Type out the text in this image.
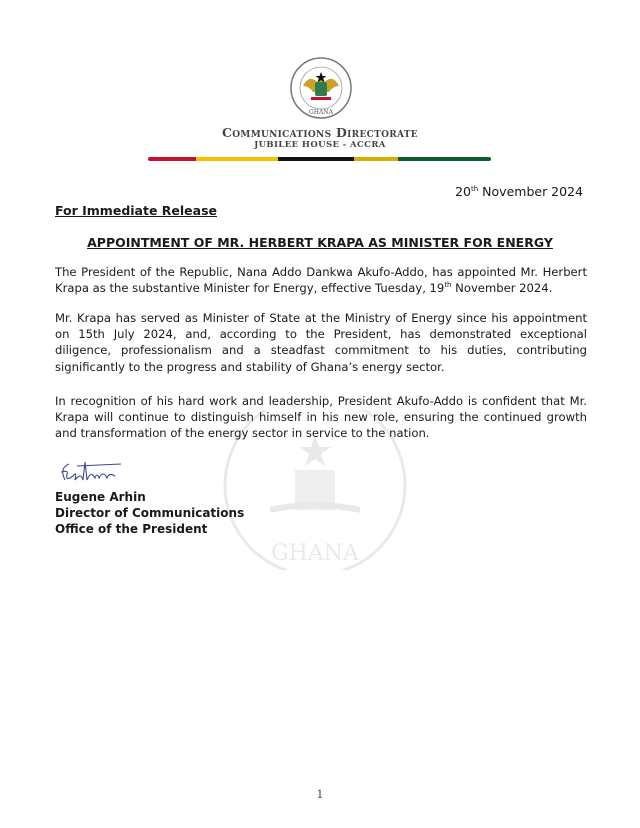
GHANA
Communications Directorate
JUBILEE HOUSE - ACCRA
20th November 2024
For Immediate Release
APPOINTMENT OF MR. HERBERT KRAPA AS MINISTER FOR ENERGY
The President of the Republic, Nana Addo Dankwa Akufo-Addo, has appointed Mr. Herbert Krapa as the substantive Minister for Energy, effective Tuesday, 19th November 2024.
Mr. Krapa has served as Minister of State at the Ministry of Energy since his appointment on 15th July 2024, and, according to the President, has demonstrated exceptional diligence, professionalism and a steadfast commitment to his duties, contributing significantly to the progress and stability of Ghana’s energy sector.
In recognition of his hard work and leadership, President Akufo-Addo is confident that Mr. Krapa will continue to distinguish himself in his new role, ensuring the continued growth and transformation of the energy sector in service to the nation.
GHANA
Eugene Arhin
Director of Communications
Office of the President
1
